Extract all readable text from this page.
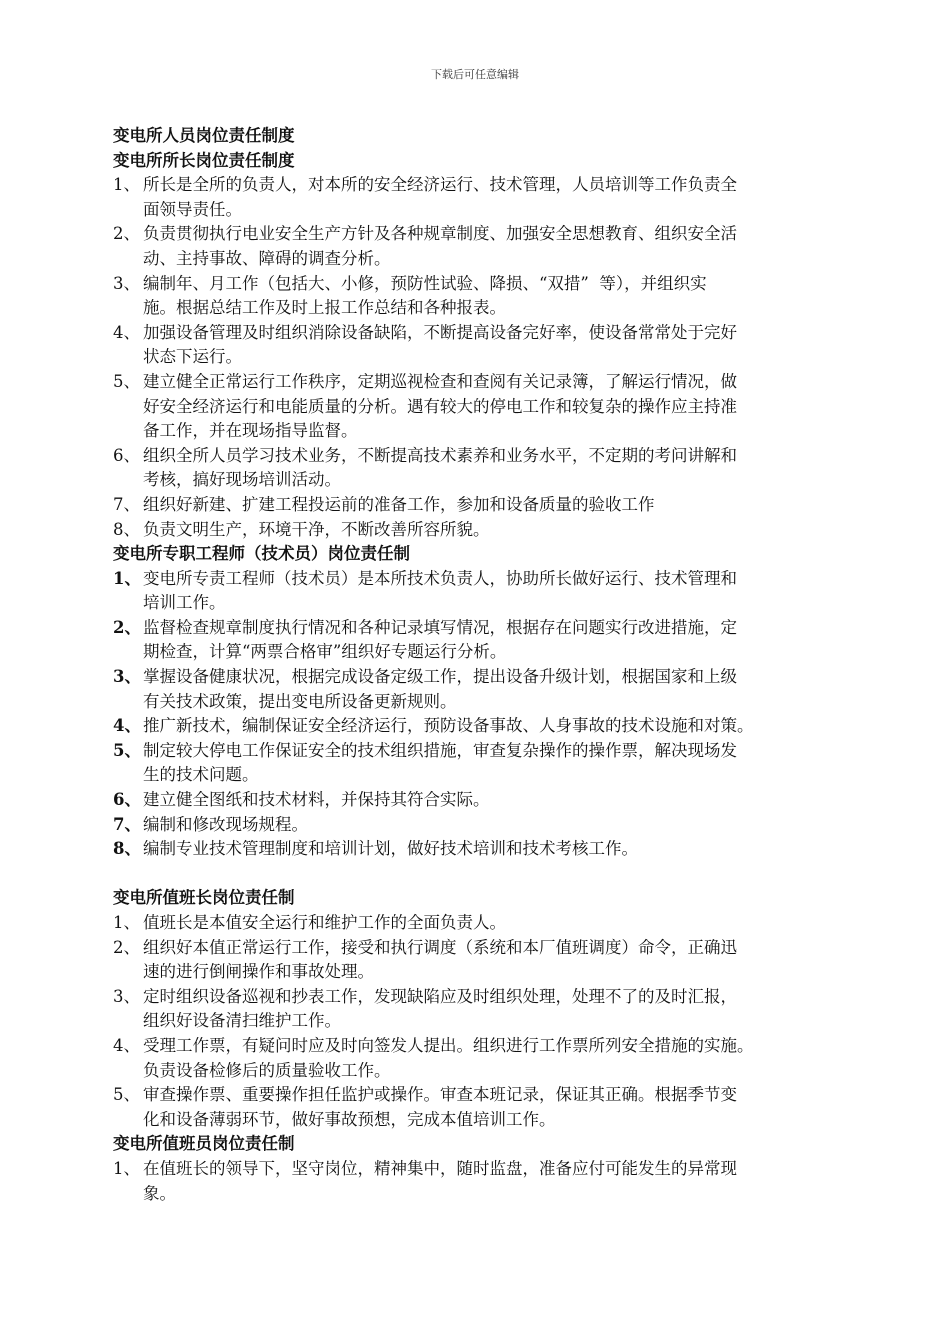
下载后可任意编辑
变电所人员岗位责任制度
变电所所长岗位责任制度
1、 所长是全所的负责人，对本所的安全经济运行、技术管理，人员培训等工作负责全
面领导责任。
2、 负责贯彻执行电业安全生产方针及各种规章制度、加强安全思想教育、组织安全活
动、主持事故、障碍的调查分析。
3、 编制年、月工作（包括大、小修，预防性试验、降损、“双措”  等），并组织实
施。根据总结工作及时上报工作总结和各种报表。
4、 加强设备管理及时组织消除设备缺陷，不断提高设备完好率，使设备常常处于完好
状态下运行。
5、 建立健全正常运行工作秩序，定期巡视检查和查阅有关记录簿，了解运行情况，做
好安全经济运行和电能质量的分析。遇有较大的停电工作和较复杂的操作应主持准
备工作，并在现场指导监督。
6、 组织全所人员学习技术业务，不断提高技术素养和业务水平，不定期的考问讲解和
考核，搞好现场培训活动。
7、 组织好新建、扩建工程投运前的准备工作，参加和设备质量的验收工作
8、 负责文明生产，环境干净，不断改善所容所貌。
变电所专职工程师（技术员）岗位责任制
1、 变电所专责工程师（技术员）是本所技术负责人，协助所长做好运行、技术管理和
培训工作。
2、 监督检查规章制度执行情况和各种记录填写情况，根据存在问题实行改进措施，定
期检查，计算“两票合格审”组织好专题运行分析。
3、 掌握设备健康状况，根据完成设备定级工作，提出设备升级计划，根据国家和上级
有关技术政策，提出变电所设备更新规则。
4、 推广新技术，编制保证安全经济运行，预防设备事故、人身事故的技术设施和对策。
5、 制定较大停电工作保证安全的技术组织措施，审查复杂操作的操作票，解决现场发
生的技术问题。
6、 建立健全图纸和技术材料，并保持其符合实际。
7、 编制和修改现场规程。
8、 编制专业技术管理制度和培训计划，做好技术培训和技术考核工作。
变电所值班长岗位责任制
1、 值班长是本值安全运行和维护工作的全面负责人。
2、 组织好本值正常运行工作，接受和执行调度（系统和本厂值班调度）命令，正确迅
速的进行倒闸操作和事故处理。
3、 定时组织设备巡视和抄表工作，发现缺陷应及时组织处理，处理不了的及时汇报，
组织好设备清扫维护工作。
4、 受理工作票，有疑问时应及时向签发人提出。组织进行工作票所列安全措施的实施。
负责设备检修后的质量验收工作。
5、 审查操作票、重要操作担任监护或操作。审查本班记录，保证其正确。根据季节变
化和设备薄弱环节，做好事故预想，完成本值培训工作。
变电所值班员岗位责任制
1、 在值班长的领导下，坚守岗位，精神集中，随时监盘，准备应付可能发生的异常现
象。
